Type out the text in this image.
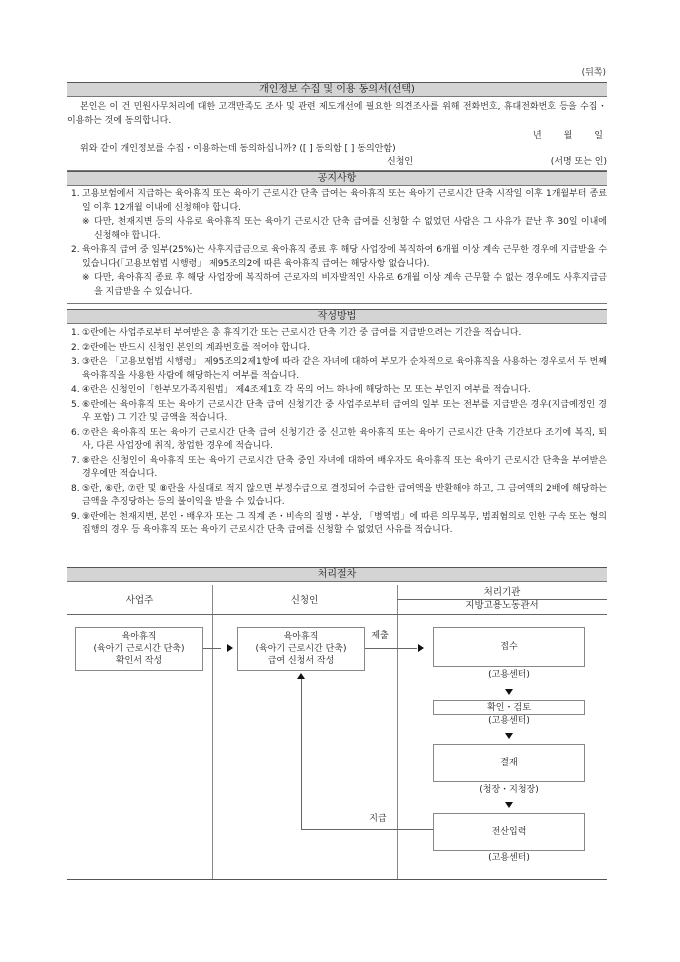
(뒤쪽)
개인정보 수집 및 이용 동의서(선택)
본인은 이 건 민원사무처리에 대한 고객만족도 조사 및 관련 제도개선에 필요한 의견조사를 위해 전화번호, 휴대전화번호 등을 수집・이용하는 것에 동의합니다.
년 월 일
위와 같이 개인정보를 수집・이용하는데 동의하십니까? ([ ] 동의함 [ ] 동의안함)
신청인	(서명 또는 인)
공지사항
1. 고용보험에서 지급하는 육아휴직 또는 육아기 근로시간 단축 급여는 육아휴직 또는 육아기 근로시간 단축 시작일 이후 1개월부터 종료일 이후 12개월 이내에 신청해야 합니다.
※ 다만, 천재지변 등의 사유로 육아휴직 또는 육아기 근로시간 단축 급여를 신청할 수 없었던 사람은 그 사유가 끝난 후 30일 이내에 신청해야 합니다.
2. 육아휴직 급여 중 일부(25%)는 사후지급금으로 육아휴직 종료 후 해당 사업장에 복직하여 6개월 이상 계속 근무한 경우에 지급받을 수 있습니다(「고용보험법 시행령」 제95조의2에 따른 육아휴직 급여는 해당사항 없습니다).
※ 다만, 육아휴직 종료 후 해당 사업장에 복직하여 근로자의 비자발적인 사유로 6개월 이상 계속 근무할 수 없는 경우에도 사후지급금을 지급받을 수 있습니다.
작성방법
1. ①란에는 사업주로부터 부여받은 총 휴직기간 또는 근로시간 단축 기간 중 급여를 지급받으려는 기간을 적습니다.
2. ②란에는 반드시 신청인 본인의 계좌번호를 적어야 합니다.
3. ③란은 「고용보험법 시행령」 제95조의2제1항에 따라 같은 자녀에 대하여 부모가 순차적으로 육아휴직을 사용하는 경우로서 두 번째 육아휴직을 사용한 사람에 해당하는지 여부를 적습니다.
4. ④란은 신청인이「한부모가족지원법」 제4조제1호 각 목의 어느 하나에 해당하는 모 또는 부인지 여부를 적습니다.
5. ⑥란에는 육아휴직 또는 육아기 근로시간 단축 급여 신청기간 중 사업주로부터 급여의 일부 또는 전부를 지급받은 경우(지급예정인 경우 포함) 그 기간 및 금액을 적습니다.
6. ⑦란은 육아휴직 또는 육아기 근로시간 단축 급여 신청기간 중 신고한 육아휴직 또는 육아기 근로시간 단축 기간보다 조기에 복직, 퇴사, 다른 사업장에 취직, 창업한 경우에 적습니다.
7. ⑧란은 신청인이 육아휴직 또는 육아기 근로시간 단축 중인 자녀에 대하여 배우자도 육아휴직 또는 육아기 근로시간 단축을 부여받은 경우에만 적습니다.
8. ⑤란, ⑥란, ⑦란 및 ⑧란을 사실대로 적지 않으면 부정수급으로 결정되어 수급한 급여액을 반환해야 하고, 그 금여액의 2배에 해당하는 금액을 추징당하는 등의 불이익을 받을 수 있습니다.
9. ⑨란에는 천재지변, 본인・배우자 또는 그 직계 존・비속의 질병・부상, 「병역법」에 따른 의무복무, 범죄혐의로 인한 구속 또는 형의 집행의 경우 등 육아휴직 또는 육아기 근로시간 단축 급여를 신청할 수 없었던 사유를 적습니다.
처리절차
사업주	신청인
처리기관
지방고용노동관서
육아휴직
(육아기 근로시간 단축)
확인서 작성
육아휴직
(육아기 근로시간 단축)
급여 신청서 작성
제출
접수
(고용센터)
확인・검토
(고용센터)
결재
(청장・지청장)
전산입력
(고용센터)
지급
